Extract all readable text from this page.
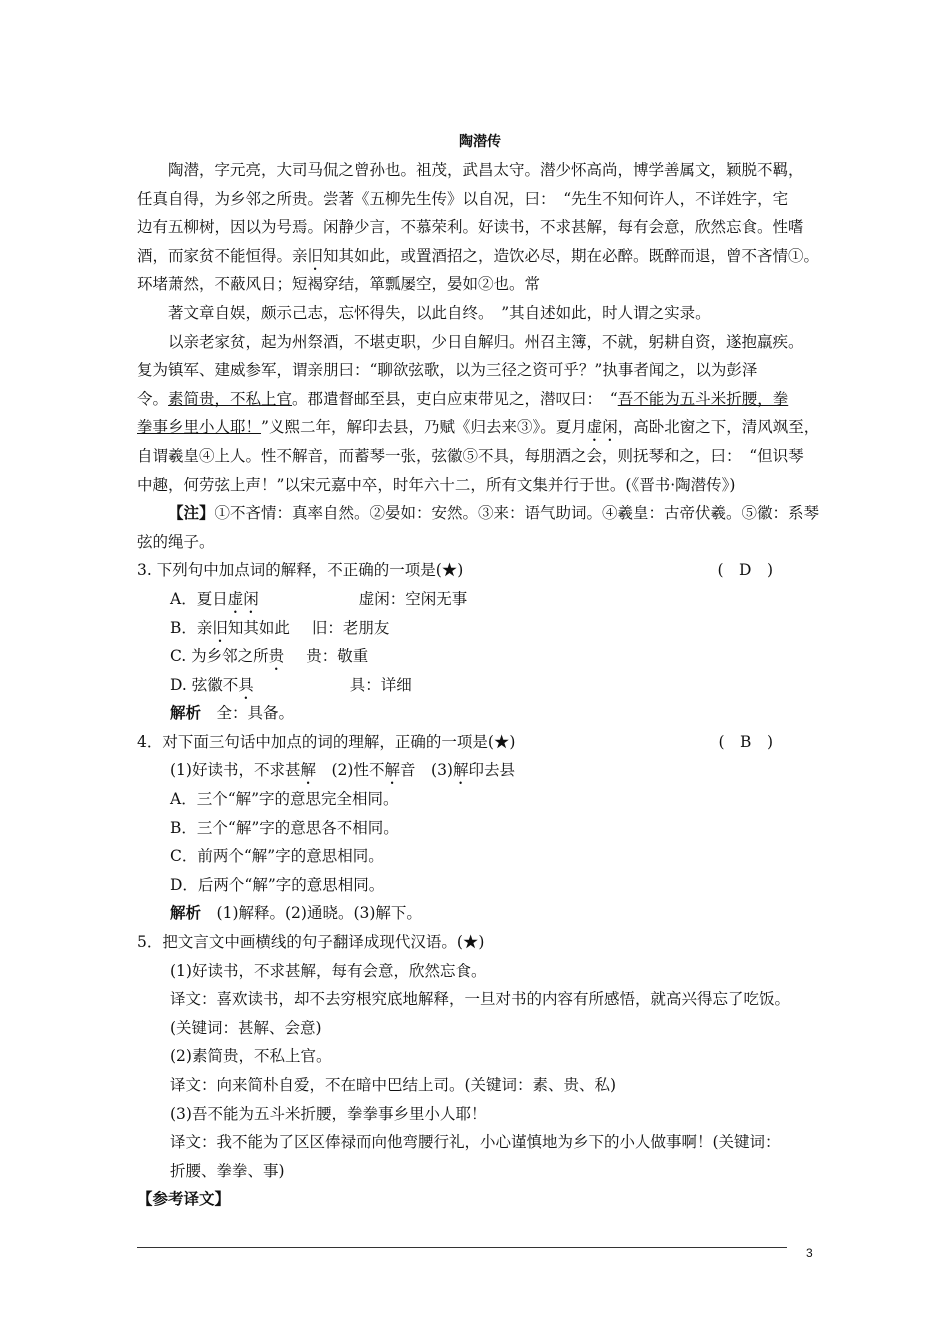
陶潜传
陶潜，字元亮，大司马侃之曾孙也。祖茂，武昌太守。潜少怀高尚，博学善属文，颖脱不羁，
任真自得，为乡邻之所贵。尝著《五柳先生传》以自况，曰：　“先生不知何许人，不详姓字，宅
边有五柳树，因以为号焉。闲静少言，不慕荣利。好读书，不求甚解，每有会意，欣然忘食。性嗜
酒，而家贫不能恒得。亲旧知其如此，或置酒招之，造饮必尽，期在必醉。既醉而退，曾不吝情①。
环堵萧然，不蔽风日；短褐穿结，箪瓢屡空，晏如②也。常
著文章自娱，颇示己志，忘怀得失，以此自终。　”其自述如此，时人谓之实录。
以亲老家贫，起为州祭酒，不堪吏职，少日自解归。州召主簿，不就，躬耕自资，遂抱羸疾。
复为镇军、建威参军，谓亲朋曰：“聊欲弦歌，以为三径之资可乎？”执事者闻之，以为彭泽
令。素简贵，不私上官。郡遣督邮至县，吏白应束带见之，潜叹曰：　“吾不能为五斗米折腰，拳
拳事乡里小人耶！”义熙二年，解印去县，乃赋《归去来③》。夏月虚闲，高卧北窗之下，清风飒至，
自谓羲皇④上人。性不解音，而蓄琴一张，弦徽⑤不具，每朋酒之会，则抚琴和之，曰：　“但识琴
中趣，何劳弦上声！”以宋元嘉中卒，时年六十二，所有文集并行于世。(《晋书·陶潜传》)
【注】①不吝情：真率自然。②晏如：安然。③来：语气助词。④羲皇：古帝伏羲。⑤徽：系琴
弦的绳子。
3. 下列句中加点词的解释，不正确的一项是(★)	(　D　)
A．夏日虚闲	虚闲：空闲无事
B．亲旧知其如此 旧：老朋友
C. 为乡邻之所贵 贵：敬重
D. 弦徽不具	具：详细
解析　 全：具备。
4．对下面三句话中加点的词的理解，正确的一项是(★)	(　B　)
(1)好读书，不求甚解　 (2)性不解音　 (3)解印去县
A．三个“解”字的意思完全相同。
B．三个“解”字的意思各不相同。
C．前两个“解”字的意思相同。
D．后两个“解”字的意思相同。
解析　 (1)解释。(2)通晓。(3)解下。
5．把文言文中画横线的句子翻译成现代汉语。(★)
(1)好读书，不求甚解，每有会意，欣然忘食。
译文：喜欢读书，却不去穷根究底地解释，一旦对书的内容有所感悟，就高兴得忘了吃饭。
(关键词：甚解、会意)
(2)素简贵，不私上官。
译文：向来简朴自爱，不在暗中巴结上司。(关键词：素、贵、私)
(3)吾不能为五斗米折腰，拳拳事乡里小人耶！
译文：我不能为了区区俸禄而向他弯腰行礼，小心谨慎地为乡下的小人做事啊！(关键词：
折腰、拳拳、事)
【参考译文】
3
